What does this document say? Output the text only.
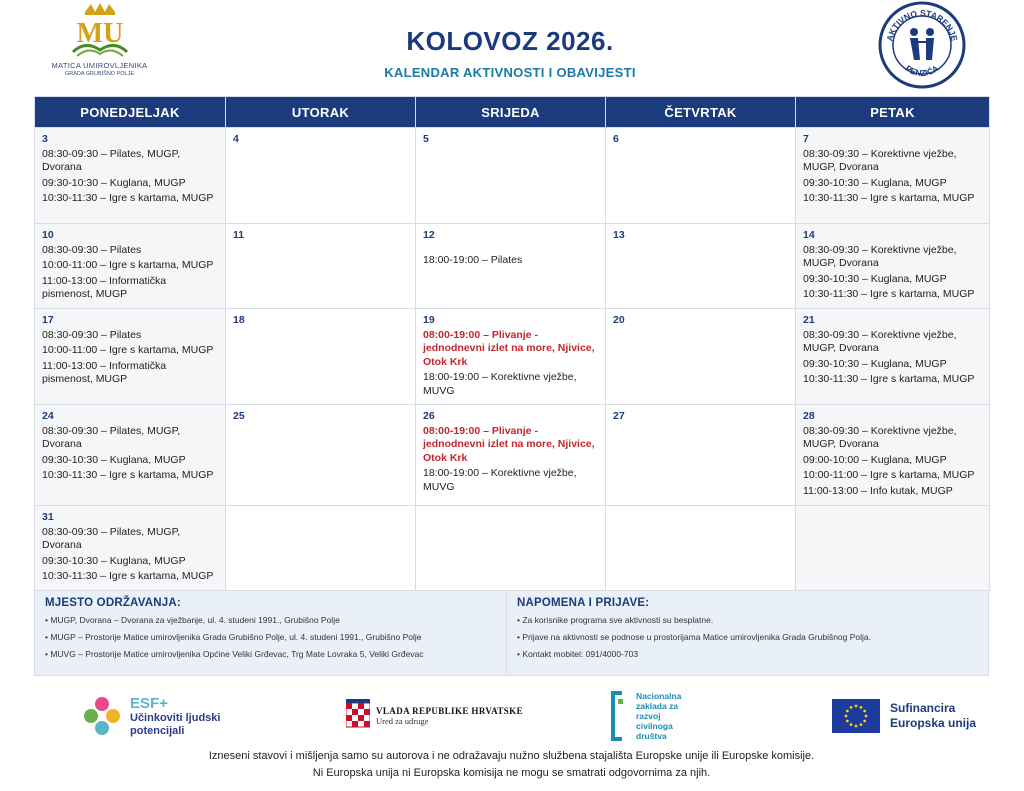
MU
MATICA UMIROVLJENIKA
GRADA GRUBIŠNO POLJE
KOLOVOZ 2026.
KALENDAR AKTIVNOSTI I OBAVIJESTI
AKTIVNO STARENJE
PENZIĆA
PONEDJELJAK	UTORAK	SRIJEDA	ČETVRTAK	PETAK

3
08:30-09:30 – Pilates, MUGP, Dvorana
09:30-10:30 – Kuglana, MUGP
10:30-11:30 – Igre s kartama, MUGP	4	5	6	7
08:30-09:30 – Korektivne vježbe, MUGP, Dvorana
09:30-10:30 – Kuglana, MUGP
10:30-11:30 – Igre s kartama, MUGP

10
08:30-09:30 – Pilates
10:00-11:00 – Igre s kartama, MUGP
11:00-13:00 – Informatička pismenost, MUGP	11	12
18:00-19:00 – Pilates	13	14
08:30-09:30 – Korektivne vježbe, MUGP, Dvorana
09:30-10:30 – Kuglana, MUGP
10:30-11:30 – Igre s kartama, MUGP

17
08:30-09:30 – Pilates
10:00-11:00 – Igre s kartama, MUGP
11:00-13:00 – Informatička pismenost, MUGP	18	19
08:00-19:00 – Plivanje - jednodnevni izlet na more, Njivice, Otok Krk
18:00-19:00 – Korektivne vježbe, MUVG	20	21
08:30-09:30 – Korektivne vježbe, MUGP, Dvorana
09:30-10:30 – Kuglana, MUGP
10:30-11:30 – Igre s kartama, MUGP

24
08:30-09:30 – Pilates, MUGP, Dvorana
09:30-10:30 – Kuglana, MUGP
10:30-11:30 – Igre s kartama, MUGP	25	26
08:00-19:00 – Plivanje - jednodnevni izlet na more, Njivice, Otok Krk
18:00-19:00 – Korektivne vježbe, MUVG	27	28
08:30-09:30 – Korektivne vježbe, MUGP, Dvorana
09:00-10:00 – Kuglana, MUGP
10:00-11:00 – Igre s kartama, MUGP
11:00-13:00 – Info kutak, MUGP

31
08:30-09:30 – Pilates, MUGP, Dvorana
09:30-10:30 – Kuglana, MUGP
10:30-11:30 – Igre s kartama, MUGP				

MJESTO ODRŽAVANJA:
• MUGP, Dvorana – Dvorana za vježbanje, ul. 4. studeni 1991., Grubišno Polje
• MUGP – Prostorije Matice umirovljenika Grada Grubišno Polje, ul. 4. studeni 1991., Grubišno Polje
• MUVG – Prostorije Matice umirovljenika Općine Veliki Grđevac, Trg Mate Lovraka 5, Veliki Grđevac
NAPOMENA I PRIJAVE:
• Za korisnike programa sve aktivnosti su besplatne.
• Prijave na aktivnosti se podnose u prostorijama Matice umirovljenika Grada Grubišnog Polja.
• Kontakt mobitel: 091/4000-703
ESF+
Učinkoviti ljudski
potencijali
VLADA REPUBLIKE HRVATSKE
Ured za udruge
Nacionalna
zaklada za
razvoj
civilnoga
društva
Sufinancira
Europska unija
Izneseni stavovi i mišljenja samo su autorova i ne odražavaju nužno službena stajališta Europske unije ili Europske komisije.
Ni Europska unija ni Europska komisija ne mogu se smatrati odgovornima za njih.
